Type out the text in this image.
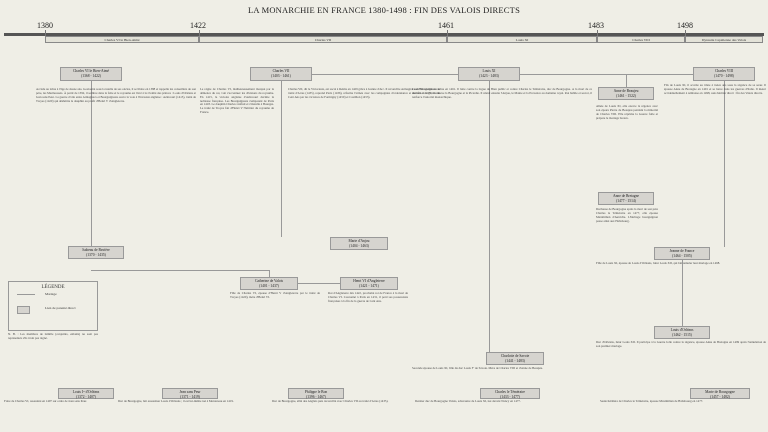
LA MONARCHIE EN FRANCE 1380-1498 : FIN DES VALOIS DIRECTS
1380	1422	1461	1483	1498
Charles VI le Bien-Aimé	Charles VII	Louis XI	Charles VIII	Dynastie Capétienne des Valois
Charles VI le Bien-Aimé
(1368 - 1422)
Charles VII
(1403 - 1461)
Louis XI
(1423 - 1483)
Charles VIII
(1470 - 1498)
Isabeau de Bavière
(1370 - 1435)
Marie d'Anjou
(1404 - 1463)
Catherine de Valois
(1401 - 1437)
Henri VI d'Angleterre
(1421 - 1471)
Charlotte de Savoie
(1441 - 1483)
Anne de Beaujeu
(1461 - 1522)
Jeanne de France
(1464 - 1505)
Louis d'Orléans
(1462 - 1515)
Anne de Bretagne
(1477 - 1514)
Accède au trône à l'âge de douze ans. Gouverné sous la tutelle de ses oncles, il se libère en 1388 et rappelle les conseillers de son père, les Marmousets. À partir de 1392, il sombre dans la folie et le royaume est livré à la rivalité des princes : Louis d'Orléans et Jean sans Peur. La guerre civile entre Armagnacs et Bourguignons ouvre la voie à l'invasion anglaise : Azincourt (1415), traité de Troyes (1420) qui déshérite le dauphin au profit d'Henri V d'Angleterre.
Le règne de Charles VI, malheureusement marqué par la démence du roi, voit s'accentuer les divisions du royaume. En 1415, la victoire anglaise d'Azincourt décime la noblesse française. Les Bourguignons s'emparent de Paris en 1418. Le dauphin Charles s'enfuit et s'installe à Bourges. Le traité de Troyes fait d'Henri V l'héritier du royaume de France.
Charles VII, dit le Victorieux, est sacré à Reims en 1429 grâce à Jeanne d'Arc. Il réconcilie Armagnacs et Bourguignons au traité d'Arras (1435), reprend Paris (1436), réforme l'armée avec les compagnies d'ordonnance et met fin à la guerre de Cent Ans par les victoires de Formigny (1450) et Castillon (1453).
Louis XI accède au trône en 1461. Il lutte contre la Ligue du Bien public et contre Charles le Téméraire, duc de Bourgogne. À la mort de ce dernier en 1477, il annexe la Bourgogne et la Picardie. Il réunit ensuite l'Anjou, le Maine et la Provence au domaine royal. Roi habile et secret, il renforce l'autorité monarchique.
Aînée de Louis XI, elle exerce la régence avec son époux Pierre de Beaujeu pendant la minorité de Charles VIII. Elle réprime la Guerre folle et prépare le mariage breton.
Duchesse de Bourgogne après la mort de son père Charles le Téméraire en 1477, elle épouse Maximilien d'Autriche. L'héritage bourguignon passe ainsi aux Habsbourg.
Fille de Charles VI, épouse d'Henri V d'Angleterre par le traité de Troyes (1420), mère d'Henri VI.
Roi d'Angleterre dès 1422, proclamé roi de France à la mort de Charles VI. Couronné à Paris en 1431, il perd ses possessions françaises à la fin de la guerre de Cent Ans.
Seconde épouse de Louis XI, fille du duc Louis Iᵉʳ de Savoie. Mère de Charles VIII et d'Anne de Beaujeu.
Fille de Louis XI, épouse de Louis d'Orléans, futur Louis XII, qui fait annuler leur mariage en 1498.
Duc d'Orléans, futur Louis XII. Il participe à la Guerre folle contre la régence, épouse Anne de Bretagne en 1499 après l'annulation de son premier mariage.
Fils de Louis XI, il accède au trône à treize ans sous la régence de sa sœur. Il épouse Anne de Bretagne en 1491 et se lance dans les guerres d'Italie. Il meurt accidentellement à Amboise en 1498, sans héritier direct : fin des Valois directs.
LÉGENDE
Mariage
Lien de parenté direct
N. B. : Les membres de famille (conjoints, enfants) ne sont pas représentés s'ils n'ont pas régné.
Louis Iᵉʳ d'Orléans
(1372 - 1407)
Jean sans Peur
(1371 - 1419)
Philippe le Bon
(1396 - 1467)
Charles le Téméraire
(1433 - 1477)
Marie de Bourgogne
(1457 - 1482)
Frère de Charles VI, assassiné en 1407 sur ordre de Jean sans Peur.	Duc de Bourgogne, fait assassiner Louis d'Orléans ; il est lui-même tué à Montereau en 1419.	Duc de Bourgogne, allié des Anglais puis réconcilié avec Charles VII au traité d'Arras (1435).	Dernier duc de Bourgogne Valois, adversaire de Louis XI, tué devant Nancy en 1477.	Seule héritière de Charles le Téméraire, épouse Maximilien de Habsbourg en 1477.
